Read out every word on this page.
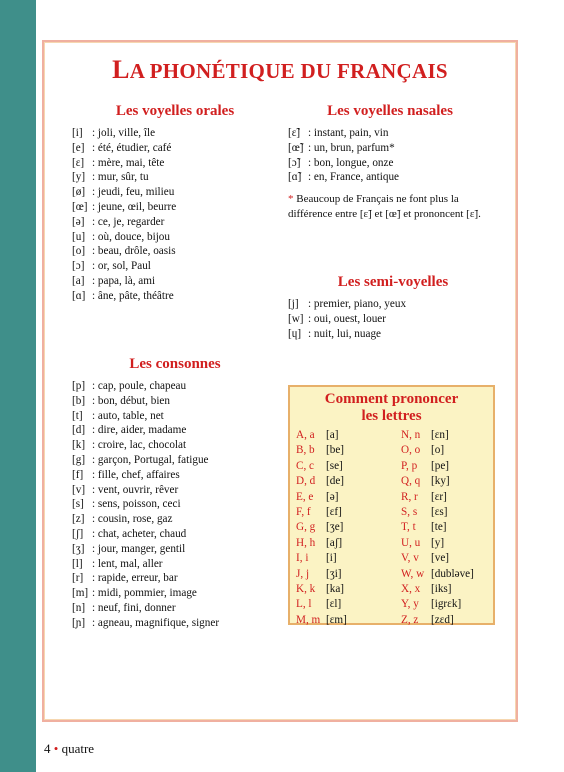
LA PHONÉTIQUE DU FRANÇAIS
Les voyelles orales
[i] : joli, ville, île
[e] : été, étudier, café
[ɛ] : mère, mai, tête
[y] : mur, sûr, tu
[ø] : jeudi, feu, milieu
[œ] : jeune, œil, beurre
[ə] : ce, je, regarder
[u] : où, douce, bijou
[o] : beau, drôle, oasis
[ɔ] : or, sol, Paul
[a] : papa, là, ami
[ɑ] : âne, pâte, théâtre
Les voyelles nasales
[ɛ̃] : instant, pain, vin
[œ̃] : un, brun, parfum*
[ɔ̃] : bon, longue, onze
[ɑ̃] : en, France, antique
* Beaucoup de Français ne font plus la
différence entre [ɛ̃] et [œ̃] et prononcent [ɛ̃].
Les semi-voyelles
[j] : premier, piano, yeux
[w] : oui, ouest, louer
[ɥ] : nuit, lui, nuage
Les consonnes
[p] : cap, poule, chapeau
[b] : bon, début, bien
[t] : auto, table, net
[d] : dire, aider, madame
[k] : croire, lac, chocolat
[g] : garçon, Portugal, fatigue
[f] : fille, chef, affaires
[v] : vent, ouvrir, rêver
[s] : sens, poisson, ceci
[z] : cousin, rose, gaz
[ʃ] : chat, acheter, chaud
[ʒ] : jour, manger, gentil
[l] : lent, mal, aller
[r] : rapide, erreur, bar
[m] : midi, pommier, image
[n] : neuf, fini, donner
[ɲ] : agneau, magnifique, signer
Comment prononcer
les lettres
A, a [a]
B, b [be]
C, c [se]
D, d [de]
E, e [ə]
F, f [ɛf]
G, g [ʒe]
H, h [aʃ]
I, i [i]
J, j [ʒi]
K, k [ka]
L, l [ɛl]
M, m [ɛm]
N, n [ɛn]
O, o [o]
P, p [pe]
Q, q [ky]
R, r [ɛr]
S, s [ɛs]
T, t [te]
U, u [y]
V, v [ve]
W, w [dubləve]
X, x [iks]
Y, y [igrɛk]
Z, z [zɛd]
4 • quatre
